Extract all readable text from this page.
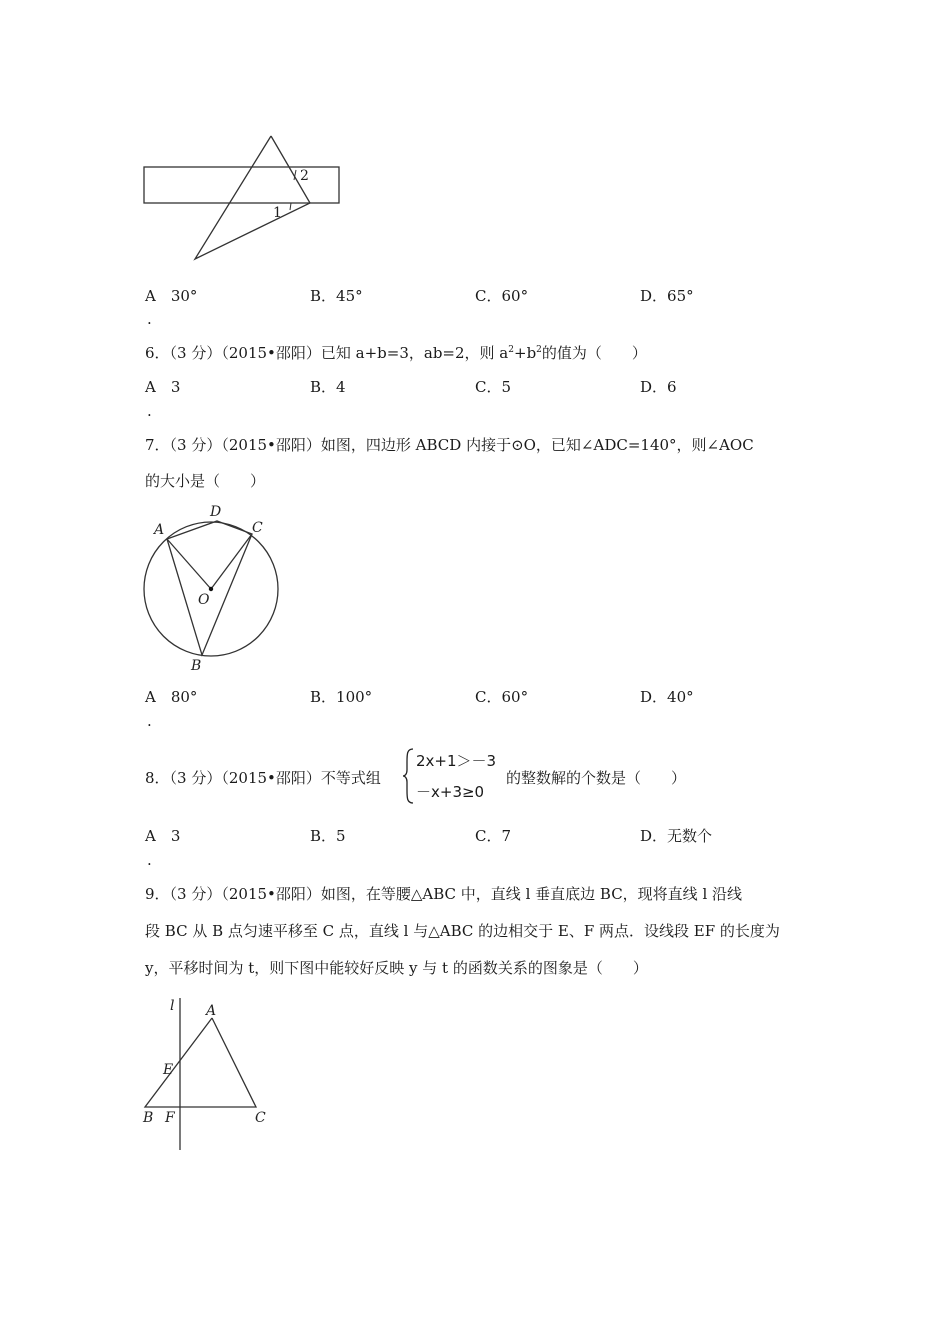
2
1
A　30°	B．45°	C．60°	D．65°
.
6．（3 分）（2015•邵阳）已知 a+b=3，ab=2，则 $a^2+b^2$的值为（　　）
A　3	B．4	C．5	D．6
.
7．（3 分）（2015•邵阳）如图，四边形 ABCD 内接于⊙O，已知∠ADC=140°，则∠AOC
的大小是（　　）
A
D
C
O
B
A　80°	B．100°	C．60°	D．40°
.
8．（3 分）（2015•邵阳）不等式组
2x+1＞－3
－x+3≥0
的整数解的个数是（　　）
A　3	B．5	C．7	D．无数个
.
9．（3 分）（2015•邵阳）如图，在等腰△ABC 中，直线 l 垂直底边 BC，现将直线 l 沿线
段 BC 从 B 点匀速平移至 C 点，直线 l 与△ABC 的边相交于 E、F 两点．设线段 EF 的长度为
y，平移时间为 t，则下图中能较好反映 y 与 t 的函数关系的图象是（　　）
l A
E
B F	C
